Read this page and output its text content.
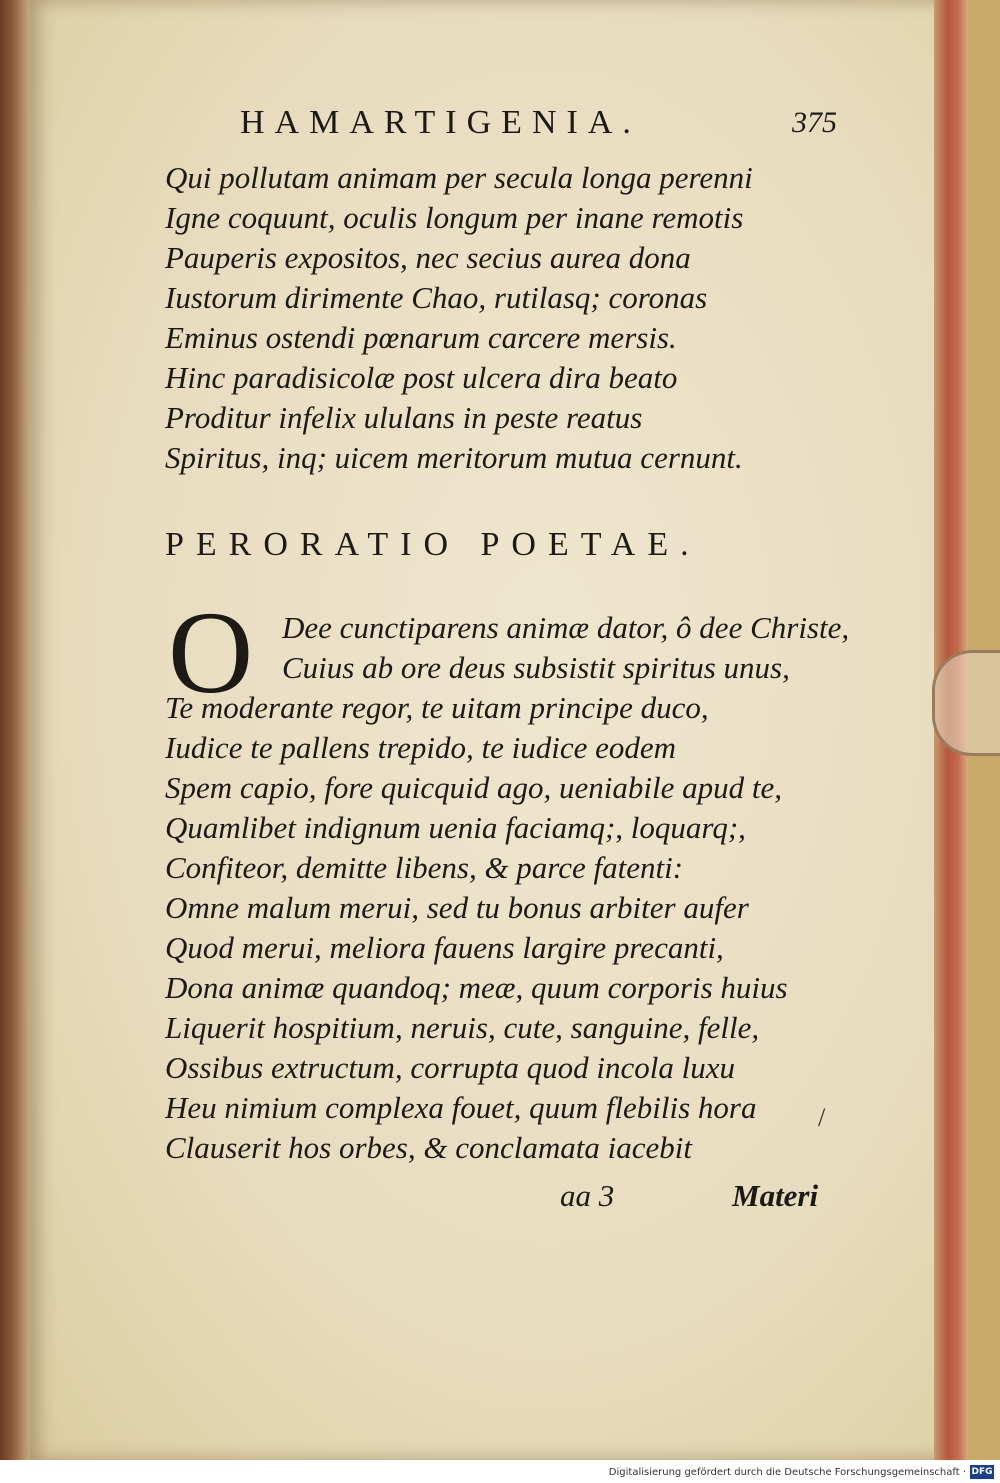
HAMARTIGENIA.	375
Qui pollutam animam per secula longa perenni
Igne coquunt, oculis longum per inane remotis
Pauperis expositos, nec secius aurea dona
Iustorum dirimente Chao, rutilasq; coronas
Eminus ostendi pœnarum carcere mersis.
Hinc paradisicolæ post ulcera dira beato
Proditur infelix ululans in peste reatus
Spiritus, inq; uicem meritorum mutua cernunt.
PERORATIO POETAE.
O Dee cunctiparens animæ dator, ô dee Christe,
Cuius ab ore deus subsistit spiritus unus,
Te moderante regor, te uitam principe duco,
Iudice te pallens trepido, te iudice eodem
Spem capio, fore quicquid ago, ueniabile apud te,
Quamlibet indignum uenia faciamq;, loquarq;,
Confiteor, demitte libens, & parce fatenti:
Omne malum merui, sed tu bonus arbiter aufer
Quod merui, meliora fauens largire precanti,
Dona animæ quandoq; meæ, quum corporis huius
Liquerit hospitium, neruis, cute, sanguine, felle,
Ossibus extructum, corrupta quod incola luxu
Heu nimium complexa fouet, quum flebilis hora
Clauserit hos orbes, & conclamata iacebit
/
aa 3	Materi
Digitalisierung gefördert durch die Deutsche Forschungsgemeinschaft · DFG
